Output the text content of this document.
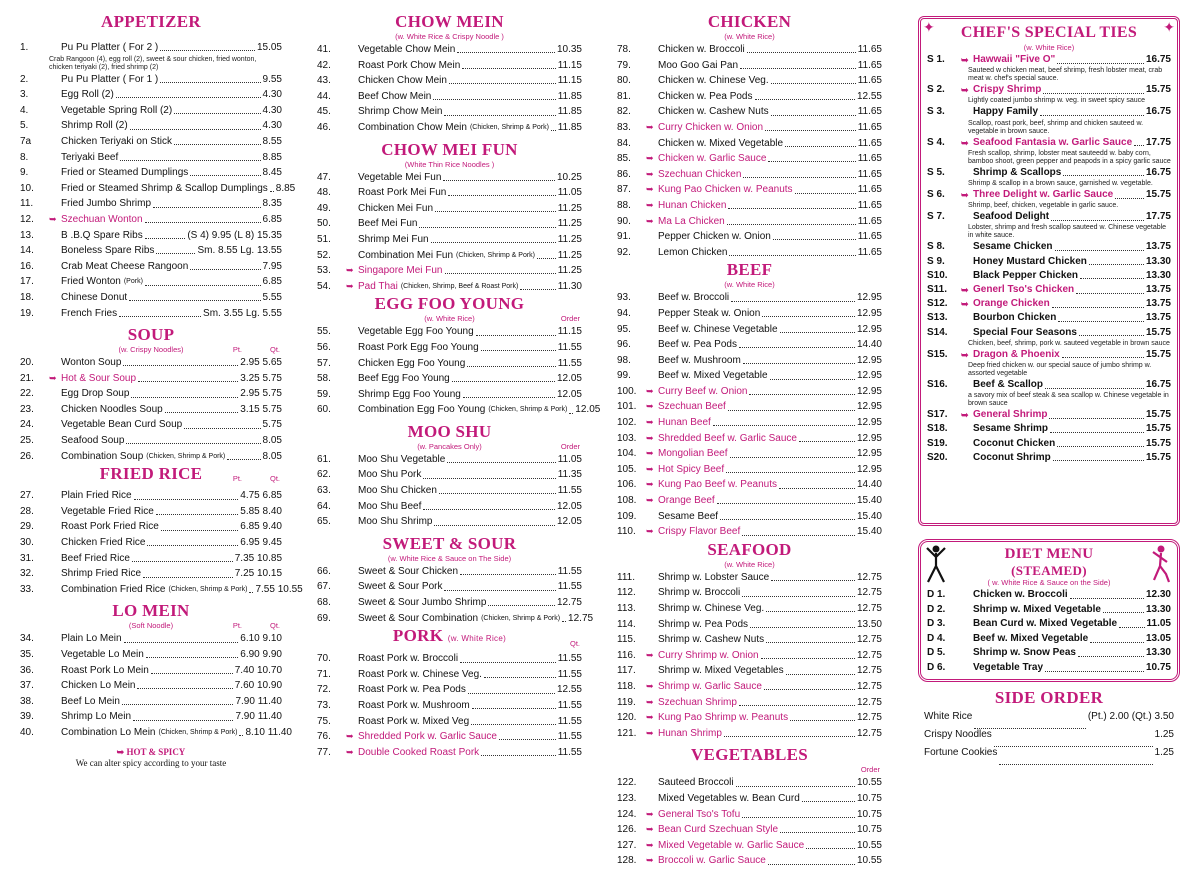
APPETIZER
1.	Pu Pu Platter ( For 2 )	15.05
Crab Rangoon (4), egg roll (2), sweet & sour chicken, fried wonton, chicken teriyaki (2), fried shrimp (2)
2.	Pu Pu Platter ( For 1 )	9.55
3.	Egg Roll (2)	4.30
4.	Vegetable Spring Roll (2)	4.30
5.	Shrimp Roll (2)	4.30
7a	Chicken Teriyaki on Stick	8.55
8.	Teriyaki Beef	8.85
9.	Fried or Steamed Dumplings	8.45
10.	Fried or Steamed Shrimp & Scallop Dumplings 8.85
11.	Fried Jumbo Shrimp	8.35
12.	➥ Szechuan Wonton	6.85
13.	B .B.Q Spare Ribs	(S 4) 9.95 (L 8) 15.35
14.	Boneless Spare Ribs	Sm. 8.55 Lg. 13.55
16.	Crab Meat Cheese Rangoon	7.95
17.	Fried Wonton (Pork)	6.85
18.	Chinese Donut	5.55
19.	French Fries	Sm. 3.55 Lg. 5.55
SOUP
(w. Crispy Noodles)	Pt.	Qt.
20.	Wonton Soup	2.95 5.65
21.	➥ Hot & Sour Soup	3.25 5.75
22.	Egg Drop Soup	2.95 5.75
23.	Chicken Noodles Soup	3.15 5.75
24.	Vegetable Bean Curd Soup	5.75
25.	Seafood Soup	8.05
26.	Combination Soup (Chicken, Shrimp & Pork)	8.05
FRIED RICE	Pt.	Qt.
27.	Plain Fried Rice	4.75 6.85
28.	Vegetable Fried Rice	5.85 8.40
29.	Roast Pork Fried Rice	6.85 9.40
30.	Chicken Fried Rice	6.95 9.45
31.	Beef Fried Rice	7.35 10.85
32.	Shrimp Fried Rice	7.25 10.15
33.	Combination Fried Rice (Chicken, Shrimp & Pork) 7.55 10.55
LO MEIN
(Soft Noodle)	Pt.	Qt.
34.	Plain Lo Mein	6.10 9.10
35.	Vegetable Lo Mein	6.90 9.90
36.	Roast Pork Lo Mein	7.40 10.70
37.	Chicken Lo Mein	7.60 10.90
38.	Beef Lo Mein	7.90 11.40
39.	Shrimp Lo Mein	7.90 11.40
40.	Combination Lo Mein (Chicken, Shrimp & Pork) 8.10 11.40
➥ HOT & SPICY
We can alter spicy according to your taste
CHOW MEIN
(w. White Rice & Crispy Noodle )
41.	Vegetable Chow Mein	10.35
42.	Roast Pork Chow Mein	11.15
43.	Chicken Chow Mein	11.15
44.	Beef Chow Mein	11.85
45.	Shrimp Chow Mein	11.85
46.	Combination Chow Mein (Chicken, Shrimp & Pork) 11.85
CHOW MEI FUN
(White Thin Rice Noodles )
47.	Vegetable Mei Fun	10.25
48.	Roast Pork Mei Fun	11.05
49.	Chicken Mei Fun	11.25
50.	Beef Mei Fun	11.25
51.	Shrimp Mei Fun	11.25
52.	Combination Mei Fun (Chicken, Shrimp & Pork) 11.25
53.	➥ Singapore Mei Fun	11.25
54.	➥ Pad Thai (Chicken, Shrimp, Beef & Roast Pork)	11.30
EGG FOO YOUNG
(w. White Rice)	Order
55.	Vegetable Egg Foo Young	11.15
56.	Roast Pork Egg Foo Young	11.55
57.	Chicken Egg Foo Young	11.55
58.	Beef Egg Foo Young	12.05
59.	Shrimp Egg Foo Young	12.05
60.	Combination Egg Foo Young (Chicken, Shrimp & Pork) 12.05
MOO SHU
(w. Pancakes Only)	Order
61.	Moo Shu Vegetable	11.05
62.	Moo Shu Pork	11.35
63.	Moo Shu Chicken	11.55
64.	Moo Shu Beef	12.05
65.	Moo Shu Shrimp	12.05
SWEET & SOUR
(w. White Rice & Sauce on The Side)
66.	Sweet & Sour Chicken	11.55
67.	Sweet & Sour Pork	11.55
68.	Sweet & Sour Jumbo Shrimp	12.75
69.	Sweet & Sour Combination (Chicken, Shrimp & Pork) 12.75
PORK (w. White Rice)
Qt.
70.	Roast Pork w. Broccoli	11.55
71.	Roast Pork w. Chinese Veg.	11.55
72.	Roast Pork w. Pea Pods	12.55
73.	Roast Pork w. Mushroom	11.55
75.	Roast Pork w. Mixed Veg	11.55
76.	➥ Shredded Pork w. Garlic Sauce	11.55
77.	➥ Double Cooked Roast Pork	11.55
CHICKEN
(w. White Rice)
78.	Chicken w. Broccoli	11.65
79.	Moo Goo Gai Pan	11.65
80.	Chicken w. Chinese Veg.	11.65
81.	Chicken w. Pea Pods	12.55
82.	Chicken w. Cashew Nuts	11.65
83.	➥ Curry Chicken w. Onion	11.65
84.	Chicken w. Mixed Vegetable	11.65
85.	➥ Chicken w. Garlic Sauce	11.65
86.	➥ Szechuan Chicken	11.65
87.	➥ Kung Pao Chicken w. Peanuts	11.65
88.	➥ Hunan Chicken	11.65
90.	➥ Ma La Chicken	11.65
91.	Pepper Chicken w. Onion	11.65
92.	Lemon Chicken	11.65
BEEF
(w. White Rice)
93.	Beef w. Broccoli	12.95
94.	Pepper Steak w. Onion	12.95
95.	Beef w. Chinese Vegetable	12.95
96.	Beef w. Pea Pods	14.40
98.	Beef w. Mushroom	12.95
99.	Beef w. Mixed Vegetable	12.95
100.	➥ Curry Beef w. Onion	12.95
101.	➥ Szechuan Beef	12.95
102.	➥ Hunan Beef	12.95
103.	➥ Shredded Beef w. Garlic Sauce	12.95
104.	➥ Mongolian Beef	12.95
105.	➥ Hot Spicy Beef	12.95
106.	➥ Kung Pao Beef w. Peanuts	14.40
108.	➥ Orange Beef	15.40
109.	Sesame Beef	15.40
110.	➥ Crispy Flavor Beef	15.40
SEAFOOD
(w. White Rice)
111.	Shrimp w. Lobster Sauce	12.75
112.	Shrimp w. Broccoli	12.75
113.	Shrimp w. Chinese Veg.	12.75
114.	Shrimp w. Pea Pods	13.50
115.	Shrimp w. Cashew Nuts	12.75
116.	➥ Curry Shrimp w. Onion	12.75
117.	Shrimp w. Mixed Vegetables	12.75
118.	➥ Shrimp w. Garlic Sauce	12.75
119.	➥ Szechuan Shrimp	12.75
120.	➥ Kung Pao Shrimp w. Peanuts	12.75
121.	➥ Hunan Shrimp	12.75
VEGETABLES
Order
122.	Sauteed Broccoli	10.55
123.	Mixed Vegetables w. Bean Curd	10.75
124.	➥ General Tso's Tofu	10.75
126.	➥ Bean Curd Szechuan Style	10.75
127.	➥ Mixed Vegetable w. Garlic Sauce	10.55
128.	➥ Broccoli w. Garlic Sauce	10.55
✦	✦
CHEF'S SPECIAL TIES
(w. White Rice)
S 1.	➥ Hawwaii "Five O"	16.75
Sauteed w chicken meat, beef shrimp, fresh lobster meat, crab meat w. chef's special sauce.
S 2.	➥ Crispy Shrimp	15.75
Lightly coated jumbo shrimp w. veg. in sweet spicy sauce
S 3.	Happy Family	16.75
Scallop, roast pork, beef, shrimp and chicken sauteed w. vegetable in brown sauce.
S 4.	➥ Seafood Fantasia w. Garlic Sauce 17.75
Fresh scallop, shrimp, lobster meat sauteedd w. baby corn, bamboo shoot, green pepper and peapods in a spicy garlic sauce
S 5.	Shrimp & Scallops	16.75
Shrimp & scallop in a brown sauce, garnished w. vegetable.
S 6.	➥ Three Delight w. Garlic Sauce	15.75
Shrimp, beef, chicken, vegetable in garlic sauce.
S 7.	Seafood Delight	17.75
Lobster, shrimp and fresh scallop sauteed w. Chinese vegetable in white sauce.
S 8.	Sesame Chicken	13.75
S 9.	Honey Mustard Chicken	13.30
S10.	Black Pepper Chicken	13.30
S11.	➥ Generl Tso's Chicken	13.75
S12.	➥ Orange Chicken	13.75
S13.	Bourbon Chicken	13.75
S14.	Special Four Seasons	15.75
Chicken, beef, shrimp, pork w. sauteed vegetable in brown sauce
S15.	➥ Dragon & Phoenix	15.75
Deep fried chicken w. our special sauce of jumbo shrimp w. assorted vegetable
S16.	Beef & Scallop	16.75
a savory mix of beef steak & sea scallop w. Chinese vegetable in brown sauce
S17.	➥ General Shrimp	15.75
S18.	Sesame Shrimp	15.75
S19.	Coconut Chicken	15.75
S20.	Coconut Shrimp	15.75
DIET MENU
(STEAMED)
( w. White Rice & Sauce on the Side)
D 1.	Chicken w. Broccoli	12.30
D 2.	Shrimp w. Mixed Vegetable	13.30
D 3.	Bean Curd w. Mixed Vegetable	11.05
D 4.	Beef w. Mixed Vegetable	13.05
D 5.	Shrimp w. Snow Peas	13.30
D 6.	Vegetable Tray	10.75
SIDE ORDER
White Rice	(Pt.) 2.00 (Qt.) 3.50
Crispy Noodles	1.25
Fortune Cookies	1.25
